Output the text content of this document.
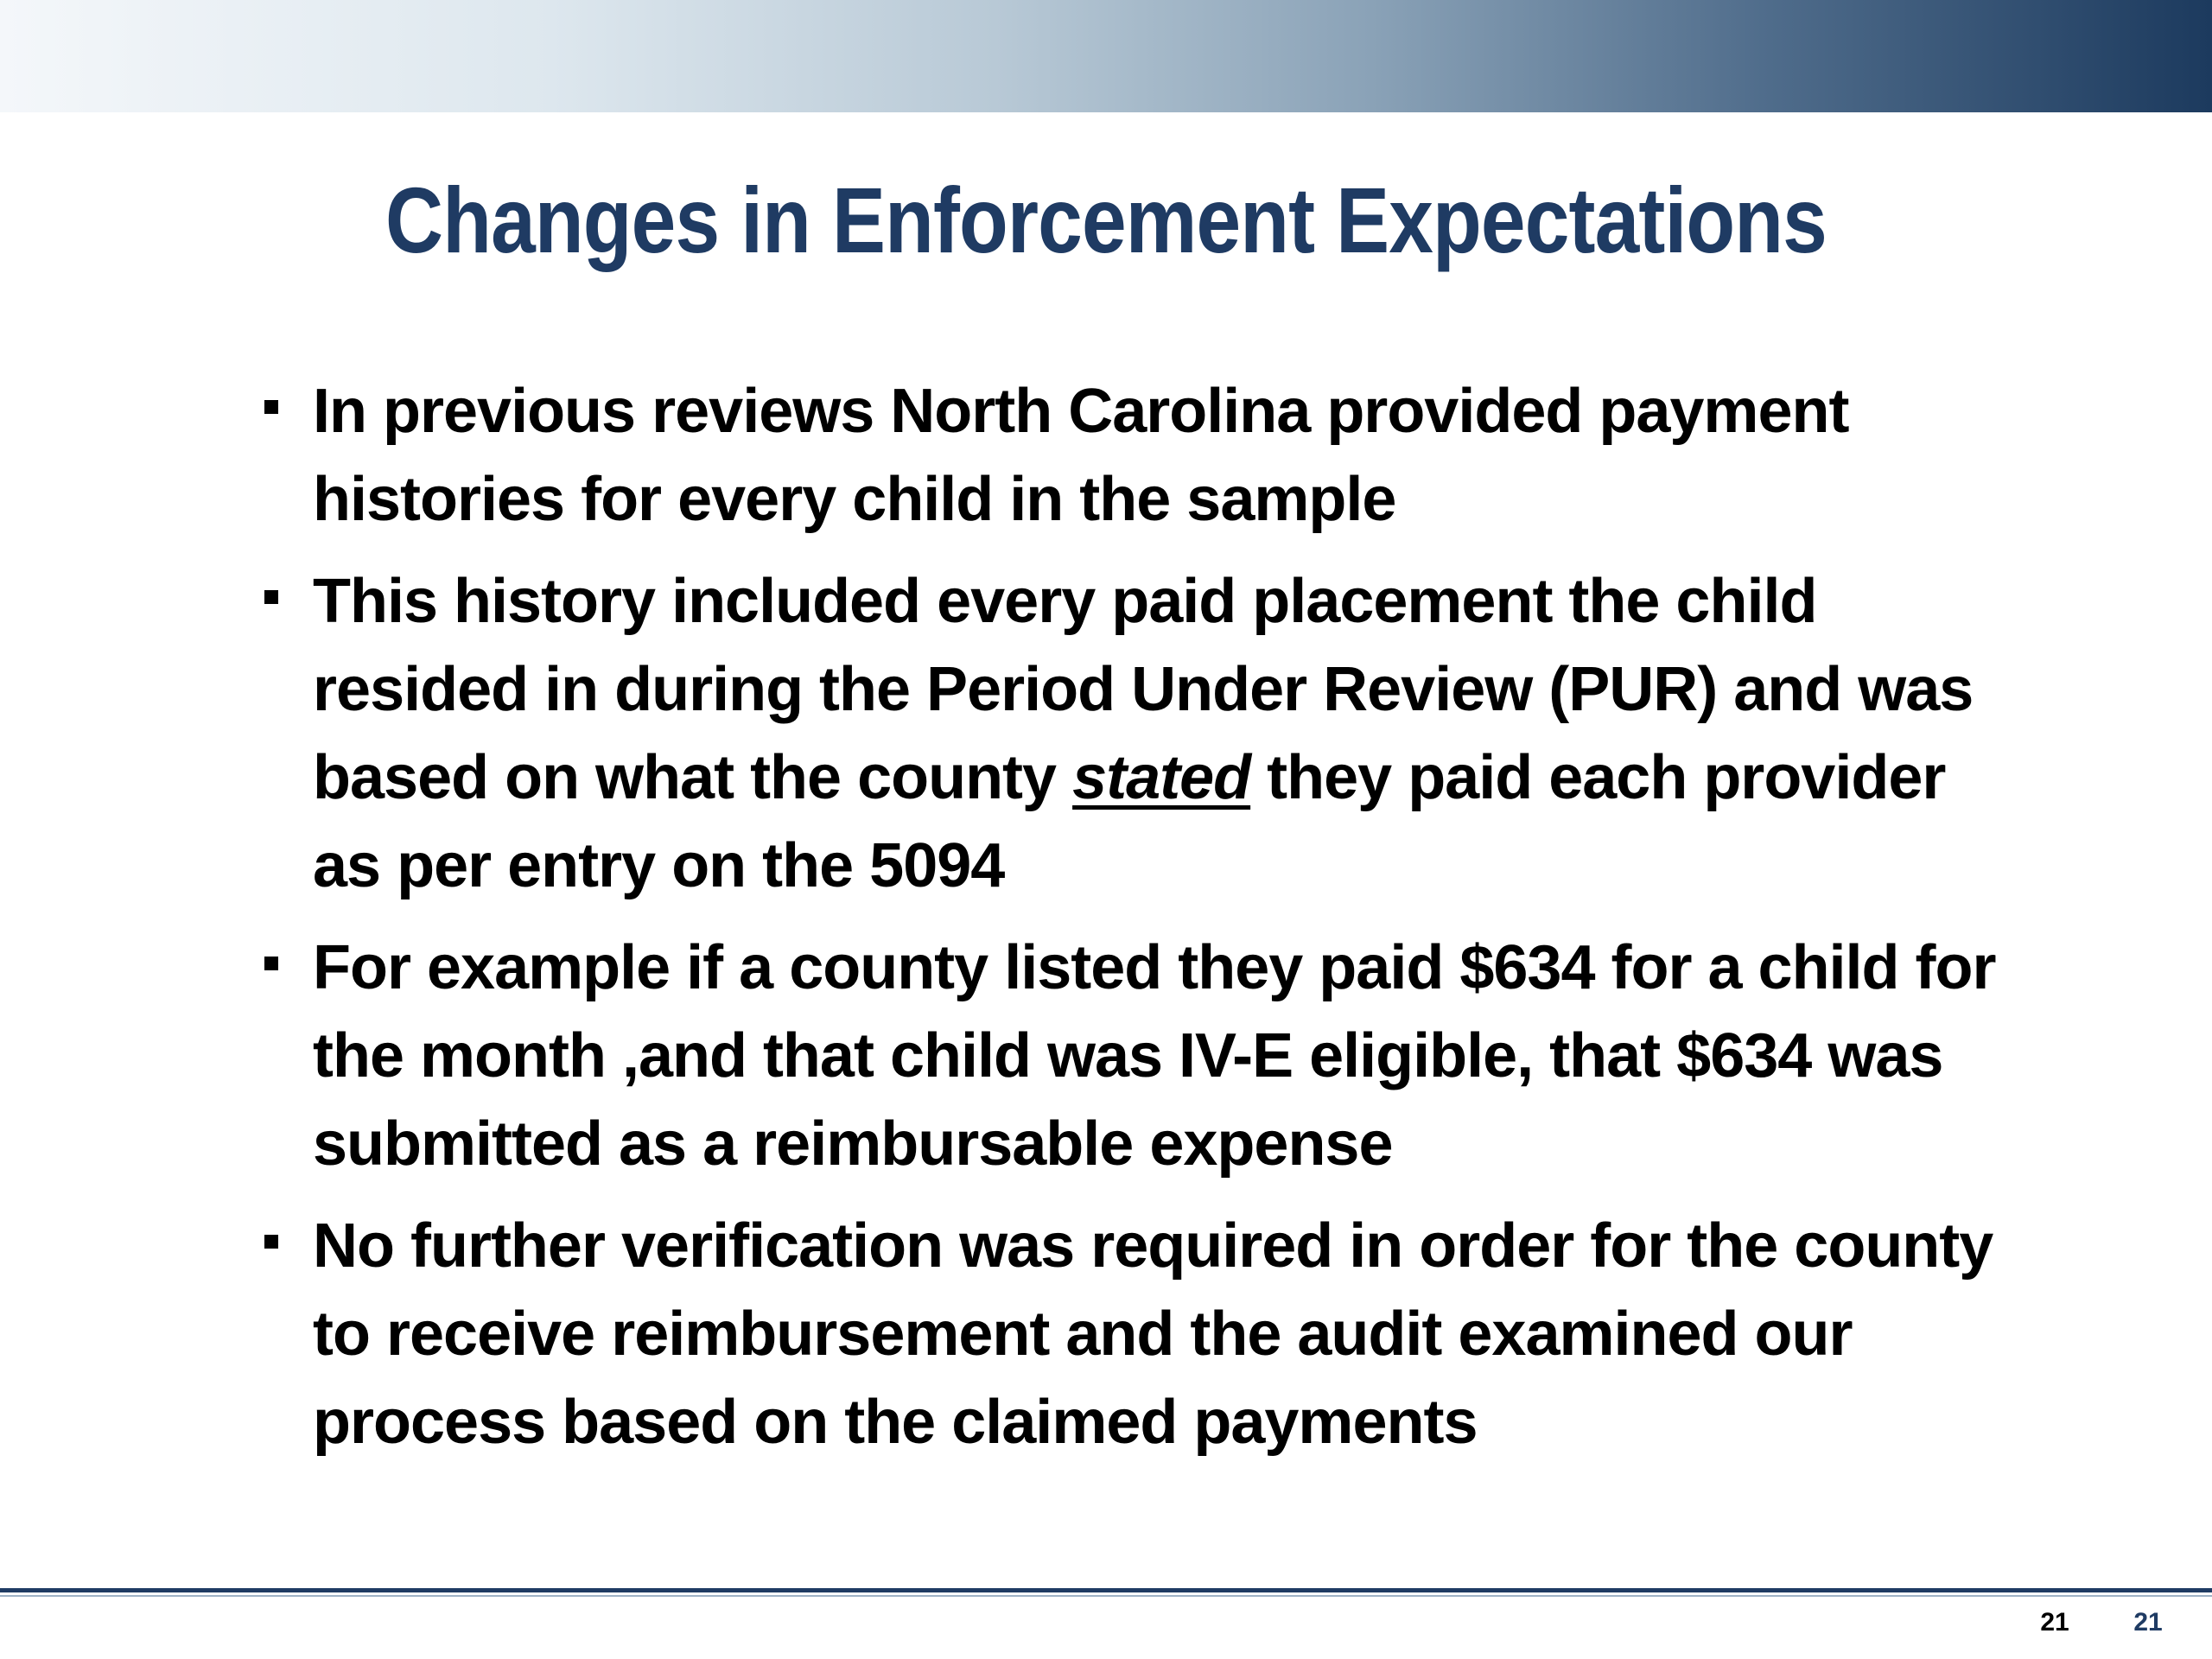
Changes in Enforcement Expectations
In previous reviews North Carolina provided payment histories for every child in the sample
This history included every paid placement the child resided in during the Period Under Review (PUR) and was based on what the county stated they paid each provider as per entry on the 5094
For example if a county listed they paid $634 for a child for the month ,and that child was IV-E eligible, that $634 was submitted as a reimbursable expense
No further verification was required in order for the county to receive reimbursement and the audit examined our process based on the claimed payments
21	21
